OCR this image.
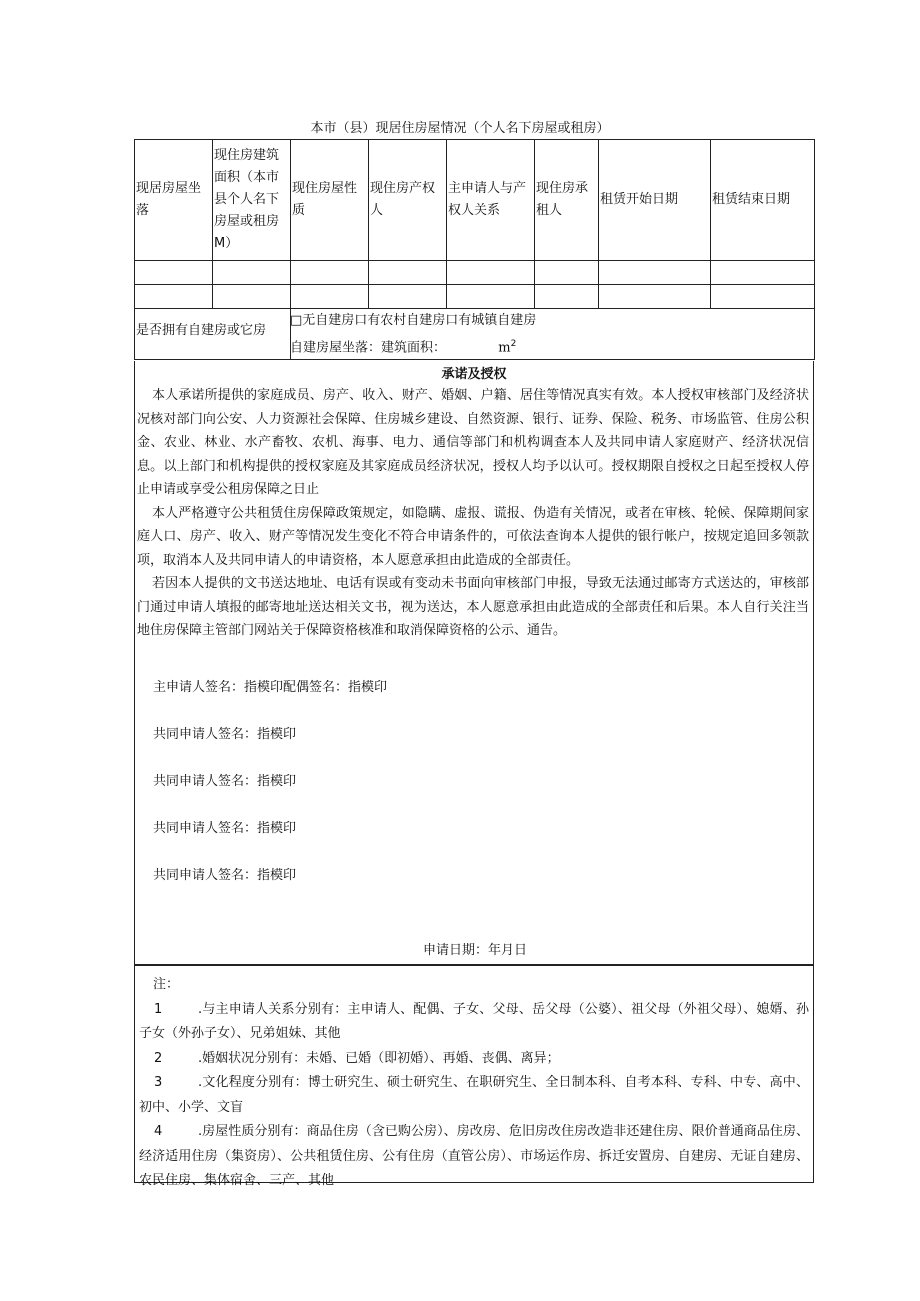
本市（县）现居住房屋情况（个人名下房屋或租房）
现居房屋坐落	现住房建筑面积（本市县个人名下房屋或租房M）	现住房屋性质	现住房产权人	主申请人与产权人关系	现住房承租人	租赁开始日期	租赁结束日期

是否拥有自建房或它房		□无自建房口有农村自建房口有城镇自建房
自建房屋坐落：建筑面积： $m^2$
承诺及授权

本人承诺所提供的家庭成员、房产、收入、财产、婚姻、户籍、居住等情况真实有效。本人授权审核部门及经济状况核对部门向公安、人力资源社会保障、住房城乡建设、自然资源、银行、证券、保险、税务、市场监管、住房公积金、农业、林业、水产畜牧、农机、海事、电力、通信等部门和机构调查本人及共同申请人家庭财产、经济状况信息。以上部门和机构提供的授权家庭及其家庭成员经济状况，授权人均予以认可。授权期限自授权之日起至授权人停止申请或享受公租房保障之日止

本人严格遵守公共租赁住房保障政策规定，如隐瞒、虚报、谎报、伪造有关情况，或者在审核、轮候、保障期间家庭人口、房产、收入、财产等情况发生变化不符合申请条件的，可依法查询本人提供的银行帐户，按规定追回多领款项，取消本人及共同申请人的申请资格，本人愿意承担由此造成的全部责任。

若因本人提供的文书送达地址、电话有误或有变动未书面向审核部门申报，导致无法通过邮寄方式送达的，审核部门通过申请人填报的邮寄地址送达相关文书，视为送达，本人愿意承担由此造成的全部责任和后果。本人自行关注当地住房保障主管部门网站关于保障资格核准和取消保障资格的公示、通告。

主申请人签名：指模印配偶签名：指模印
共同申请人签名：指模印
共同申请人签名：指模印
共同申请人签名：指模印
共同申请人签名：指模印
申请日期：年月日

注：

1	.与主申请人关系分别有：主申请人、配偶、子女、父母、岳父母（公婆）、祖父母（外祖父母）、媳婿、孙子女（外孙子女）、兄弟姐妹、其他

2	.婚姻状况分别有：未婚、已婚（即初婚）、再婚、丧偶、离异；

3	.文化程度分别有：博士研究生、硕士研究生、在职研究生、全日制本科、自考本科、专科、中专、高中、初中、小学、文盲

4	.房屋性质分别有：商品住房（含已购公房）、房改房、危旧房改住房改造非还建住房、限价普通商品住房、经济适用住房（集资房）、公共租赁住房、公有住房（直管公房）、市场运作房、拆迁安置房、自建房、无证自建房、农民住房、集体宿舍、三产、其他
